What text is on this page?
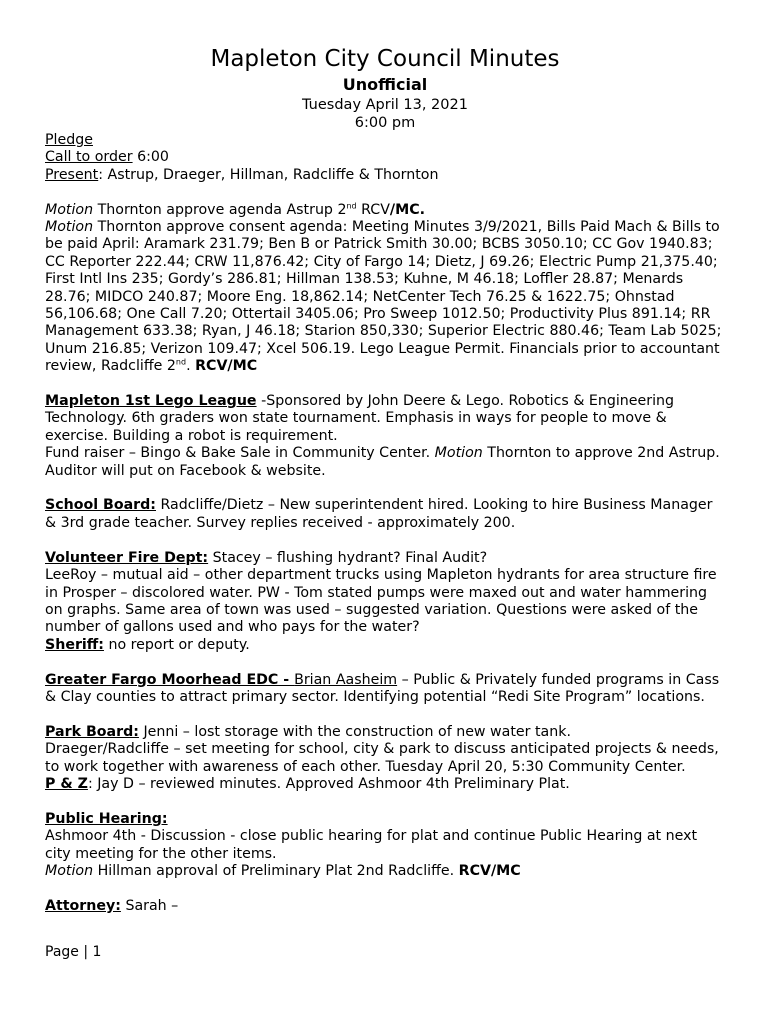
Mapleton City Council Minutes
Unofficial
Tuesday April 13, 2021
6:00 pm

Pledge

Call to order 6:00

Present: Astrup, Draeger, Hillman, Radcliffe & Thornton

Motion Thornton approve agenda Astrup 2nd RCV/MC.

Motion Thornton approve consent agenda: Meeting Minutes 3/9/2021, Bills Paid Mach & Bills to be paid April: Aramark 231.79; Ben B or Patrick Smith 30.00; BCBS 3050.10; CC Gov 1940.83; CC Reporter 222.44; CRW 11,876.42; City of Fargo 14; Dietz, J 69.26; Electric Pump 21,375.40; First Intl Ins 235; Gordy’s 286.81; Hillman 138.53; Kuhne, M 46.18; Loffler 28.87; Menards 28.76; MIDCO 240.87; Moore Eng. 18,862.14; NetCenter Tech 76.25 & 1622.75; Ohnstad 56,106.68; One Call 7.20; Ottertail 3405.06; Pro Sweep 1012.50; Productivity Plus 891.14; RR Management 633.38; Ryan, J 46.18; Starion 850,330; Superior Electric 880.46; Team Lab 5025; Unum 216.85; Verizon 109.47; Xcel 506.19. Lego League Permit. Financials prior to accountant review, Radcliffe 2nd. RCV/MC

Mapleton 1st Lego League -Sponsored by John Deere & Lego. Robotics & Engineering Technology. 6th graders won state tournament. Emphasis in ways for people to move & exercise. Building a robot is requirement.

Fund raiser – Bingo & Bake Sale in Community Center. Motion Thornton to approve 2nd Astrup. Auditor will put on Facebook & website.

School Board: Radcliffe/Dietz – New superintendent hired. Looking to hire Business Manager & 3rd grade teacher. Survey replies received - approximately 200.

Volunteer Fire Dept: Stacey – flushing hydrant? Final Audit?

LeeRoy – mutual aid – other department trucks using Mapleton hydrants for area structure fire in Prosper – discolored water. PW - Tom stated pumps were maxed out and water hammering on graphs. Same area of town was used – suggested variation. Questions were asked of the number of gallons used and who pays for the water?

Sheriff: no report or deputy.

Greater Fargo Moorhead EDC - Brian Aasheim – Public & Privately funded programs in Cass & Clay counties to attract primary sector. Identifying potential “Redi Site Program” locations.

Park Board: Jenni – lost storage with the construction of new water tank.

Draeger/Radcliffe – set meeting for school, city & park to discuss anticipated projects & needs, to work together with awareness of each other. Tuesday April 20, 5:30 Community Center.

P & Z: Jay D – reviewed minutes. Approved Ashmoor 4th Preliminary Plat.

Public Hearing:

Ashmoor 4th - Discussion - close public hearing for plat and continue Public Hearing at next city meeting for the other items.

Motion Hillman approval of Preliminary Plat 2nd Radcliffe. RCV/MC

Attorney: Sarah –

Page | 1
